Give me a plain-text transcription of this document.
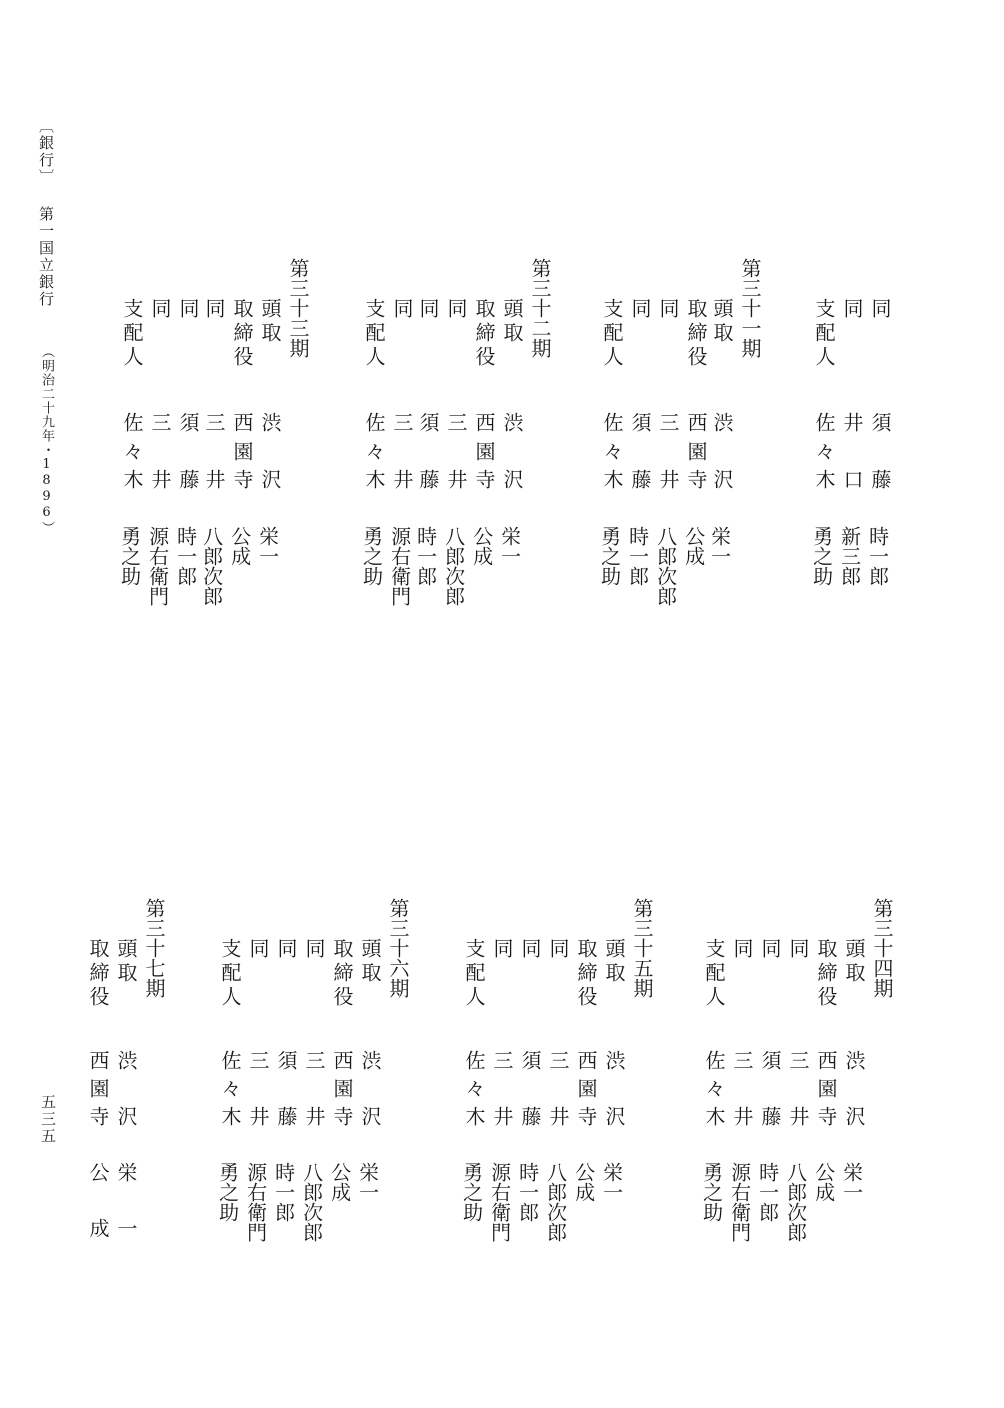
〔銀行〕
第一国立銀行
（明治二十九年・1896）
五三五
同
須
藤
時一郎
同
井
口
新三郎
支配人
佐
々
木
勇之助
第三十一期
頭取
渋
沢
栄一
取締役
西
園
寺
公成
同
三
井
八郎次郎
同
須
藤
時一郎
支配人
佐
々
木
勇之助
第三十二期
頭取
渋
沢
栄一
取締役
西
園
寺
公成
同
三
井
八郎次郎
同
須
藤
時一郎
同
三
井
源右衛門
支配人
佐
々
木
勇之助
第三十三期
頭取
渋
沢
栄一
取締役
西
園
寺
公成
同
三
井
八郎次郎
同
須
藤
時一郎
同
三
井
源右衛門
支配人
佐
々
木
勇之助
第三十四期
頭取
渋
沢
栄一
取締役
西
園
寺
公成
同
三
井
八郎次郎
同
須
藤
時一郎
同
三
井
源右衛門
支配人
佐
々
木
勇之助
第三十五期
頭取
渋
沢
栄一
取締役
西
園
寺
公成
同
三
井
八郎次郎
同
須
藤
時一郎
同
三
井
源右衛門
支配人
佐
々
木
勇之助
第三十六期
頭取
渋
沢
栄一
取締役
西
園
寺
公成
同
三
井
八郎次郎
同
須
藤
時一郎
同
三
井
源右衛門
支配人
佐
々
木
勇之助
第三十七期
頭取
渋
沢
栄一
取締役
西
園
寺
公成
